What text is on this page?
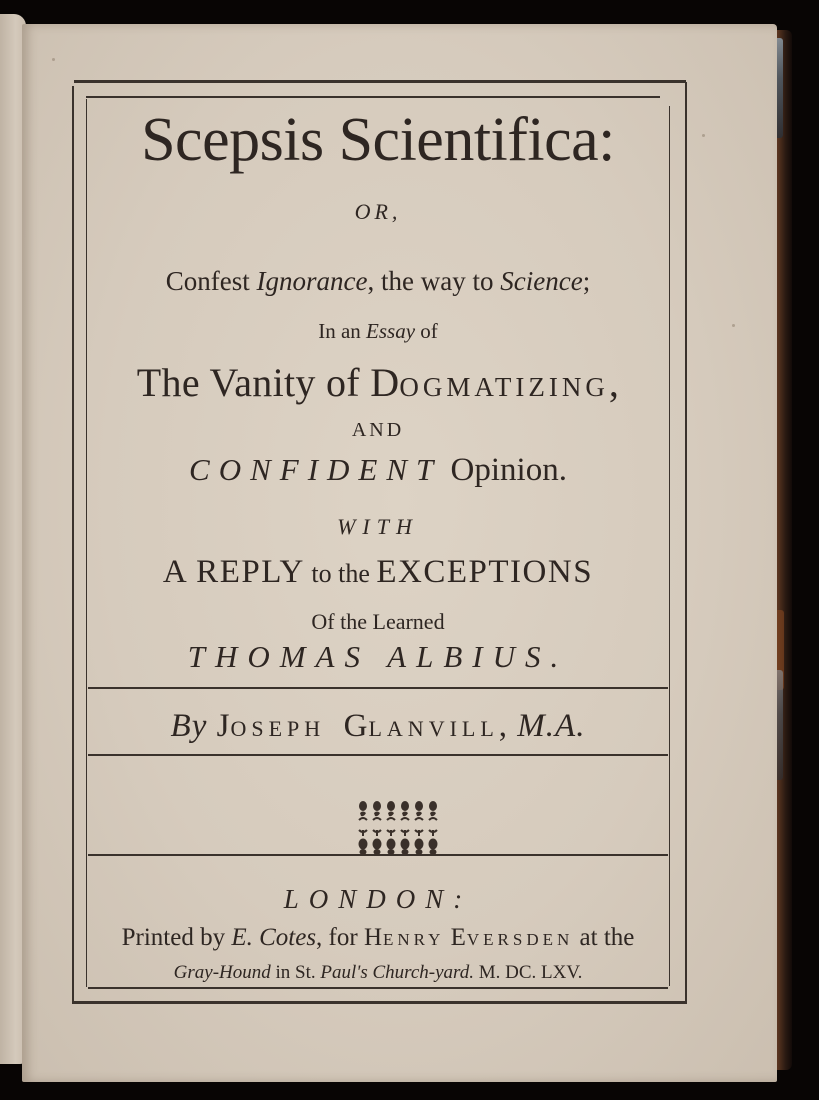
Scepsis Scientifica:
OR,
Confest Ignorance, the way to Science;
In an Essay of
The Vanity of DOGMATIZING,
AND
CONFIDENT Opinion.
WITH
A REPLY to the EXCEPTIONS
Of the Learned
THOMAS ALBIUS.
By JOSEPH GLANVILL, M.A.
LONDON:
Printed by E. Cotes, for HENRY EVERSDEN at the
Gray-Hound in St. Paul's Church-yard. M. DC. LXV.
